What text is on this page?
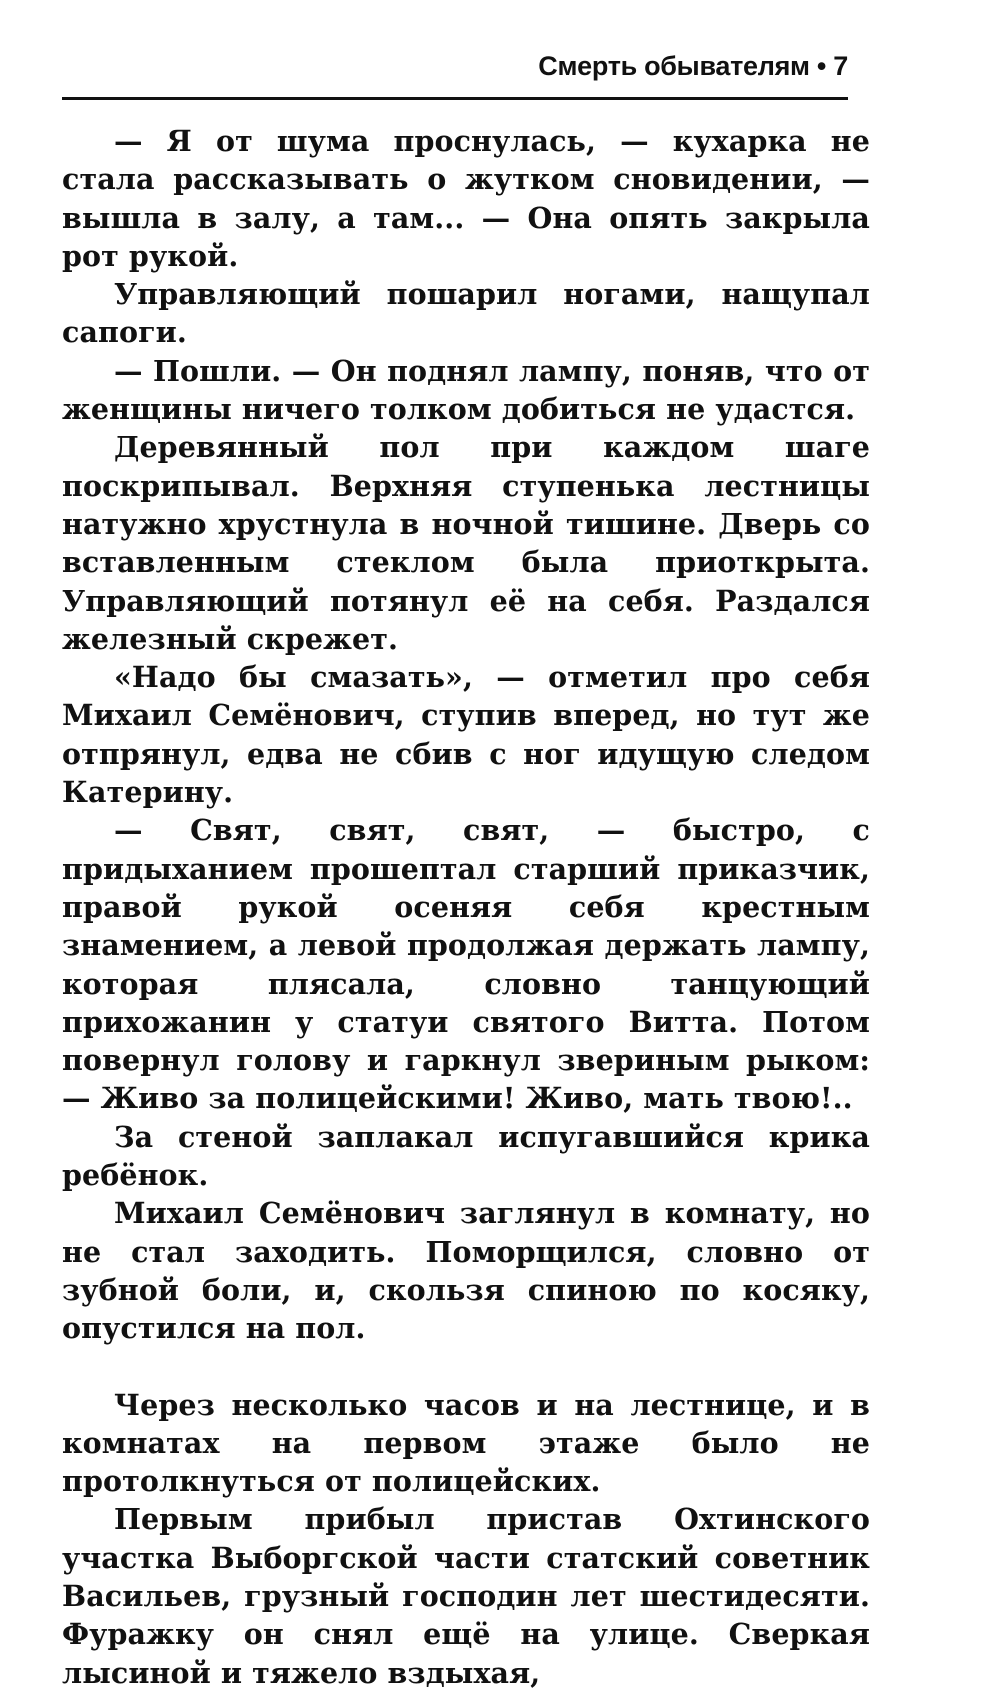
Смерть обывателям • 7

— Я от шума проснулась, — кухарка не стала рассказывать о жутком сновидении, — вышла в залу, а там... — Она опять закрыла рот рукой.

Управляющий пошарил ногами, нащупал сапоги.

— Пошли. — Он поднял лампу, поняв, что от женщины ничего толком добиться не удастся.

Деревянный пол при каждом шаге поскрипывал. Верхняя ступенька лестницы натужно хрустнула в ночной тишине. Дверь со вставленным стеклом была приоткрыта. Управляющий потянул её на себя. Раздался железный скрежет.

«Надо бы смазать», — отметил про себя Михаил Семёнович, ступив вперед, но тут же отпрянул, едва не сбив с ног идущую следом Катерину.

— Свят, свят, свят, — быстро, с придыханием прошептал старший приказчик, правой рукой осеняя себя крестным знамением, а левой продолжая держать лампу, которая плясала, словно танцующий прихожанин у статуи святого Витта. Потом повернул голову и гаркнул звериным рыком: — Живо за полицейскими! Живо, мать твою!..

За стеной заплакал испугавшийся крика ребёнок.

Михаил Семёнович заглянул в комнату, но не стал заходить. Поморщился, словно от зубной боли, и, скользя спиною по косяку, опустился на пол.

Через несколько часов и на лестнице, и в комнатах на первом этаже было не протолкнуться от полицейских.

Первым прибыл пристав Охтинского участка Выборгской части статский советник Васильев, грузный господин лет шестидесяти. Фуражку он снял ещё на улице. Сверкая лысиной и тяжело вздыхая,
